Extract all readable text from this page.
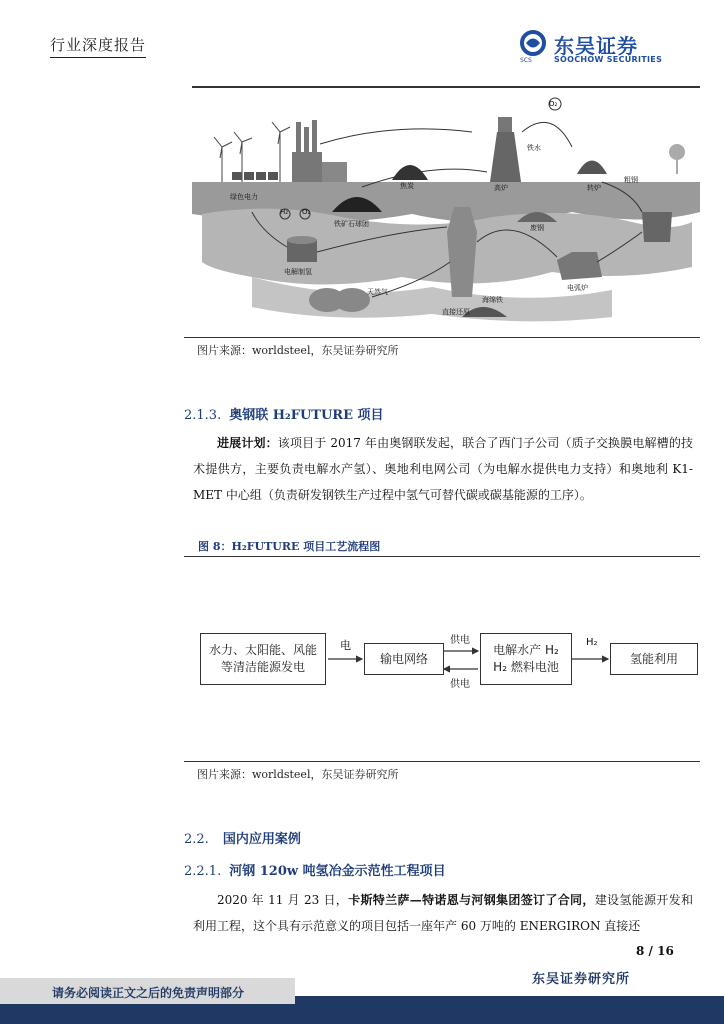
行业深度报告	东吴证券
SOOCHOW SECURITIES
SCS
绿色电力
H₂ O₂
电解制氢
铁矿石球团
焦炭	高炉
铁水
转炉
粗钢
废钢
电弧炉
直接还原
海绵铁
天然气
O₂
图片来源：worldsteel，东吴证券研究所
2.1.3. 奥钢联 H₂FUTURE 项目
进展计划：该项目于 2017 年由奥钢联发起，联合了西门子公司（质子交换膜电解槽的技术提供方，主要负责电解水产氢）、奥地利电网公司（为电解水提供电力支持）和奥地利 K1-MET 中心组（负责研发钢铁生产过程中氢气可替代碳或碳基能源的工序）。
图 8：H₂FUTURE 项目工艺流程图
水力、太阳能、风能
等清洁能源发电
电
输电网络
供电
供电
电解水产 H₂
H₂ 燃料电池
H₂
氢能利用
图片来源：worldsteel，东吴证券研究所
2.2. 国内应用案例
2.2.1. 河钢 120w 吨氢冶金示范性工程项目
2020 年 11 月 23 日，卡斯特兰萨—特诺恩与河钢集团签订了合同，建设氢能源开发和利用工程，这个具有示范意义的项目包括一座年产 60 万吨的 ENERGIRON 直接还
8 / 16
东吴证券研究所
请务必阅读正文之后的免责声明部分
